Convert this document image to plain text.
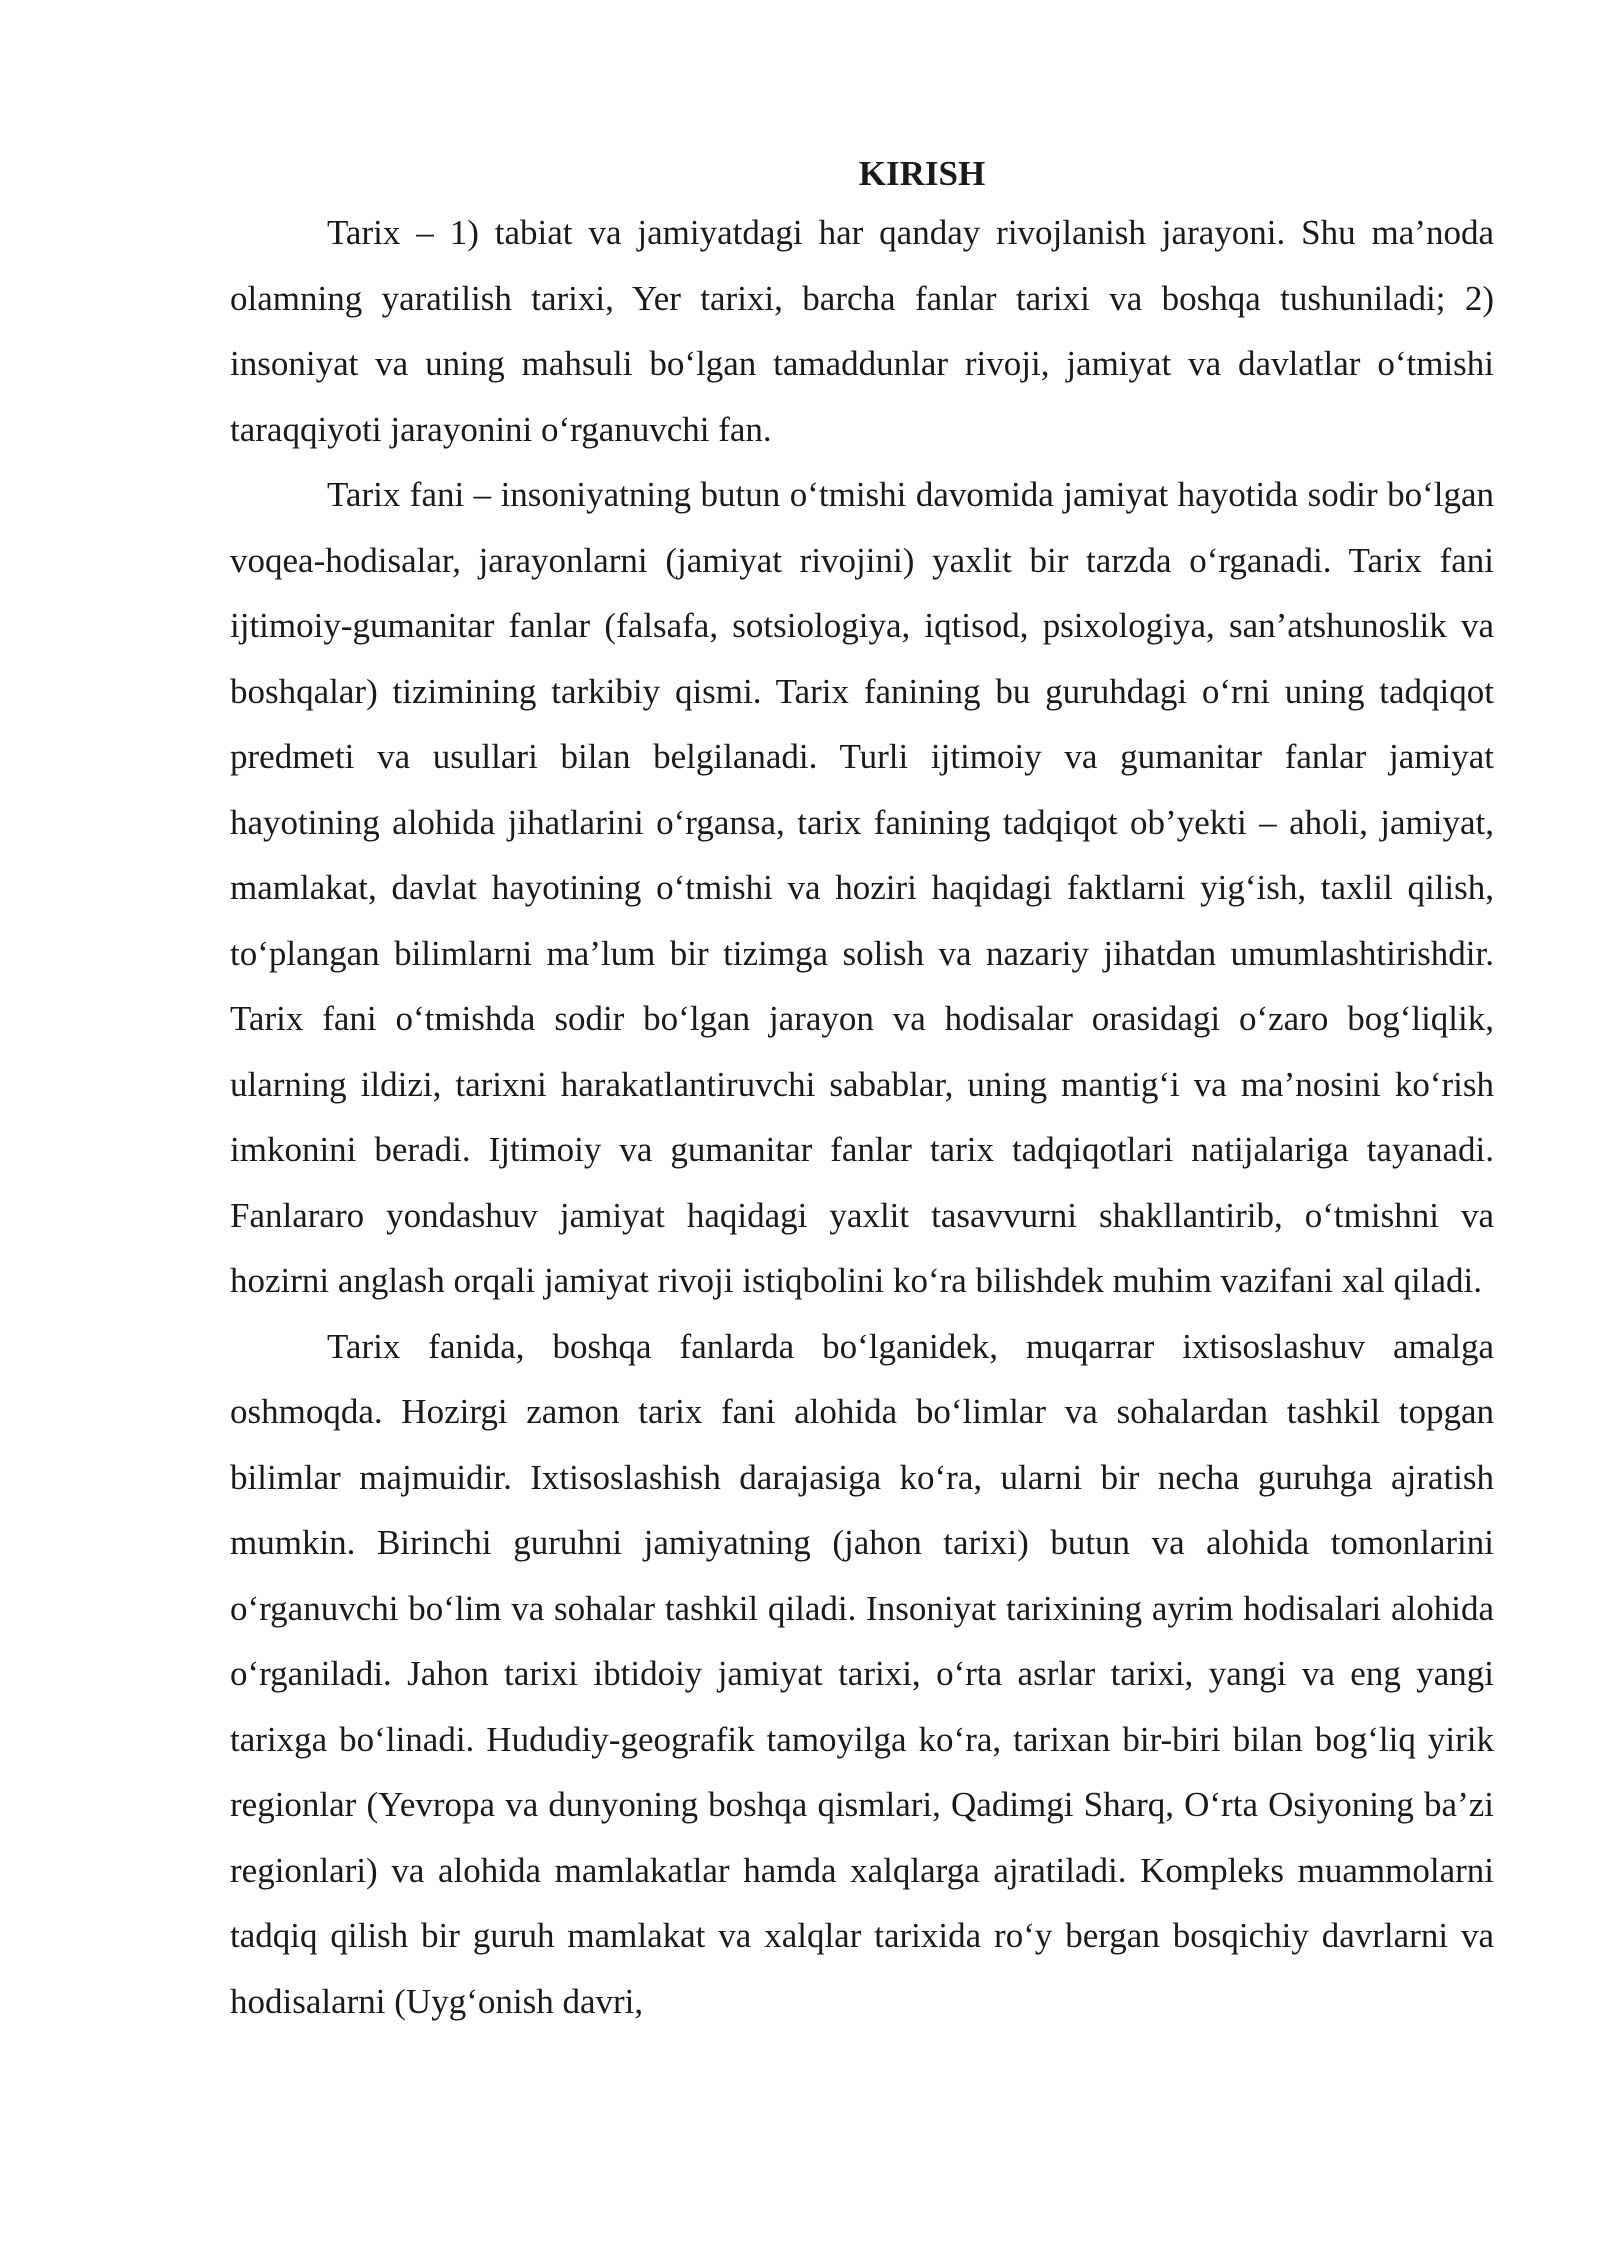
KIRISH

Tarix – 1) tabiat va jamiyatdagi har qanday rivojlanish jarayoni. Shu ma’noda olamning yaratilish tarixi, Yer tarixi, barcha fanlar tarixi va boshqa tushuniladi; 2) insoniyat va uning mahsuli bo‘lgan tamaddunlar rivoji, jamiyat va davlatlar o‘tmishi taraqqiyoti jarayonini o‘rganuvchi fan.

Tarix fani – insoniyatning butun o‘tmishi davomida jamiyat hayotida sodir bo‘lgan voqea-hodisalar, jarayonlarni (jamiyat rivojini) yaxlit bir tarzda o‘rganadi. Tarix fani ijtimoiy-gumanitar fanlar (falsafa, sotsiologiya, iqtisod, psixologiya, san’atshunoslik va boshqalar) tizimining tarkibiy qismi. Tarix fanining bu guruhdagi o‘rni uning tadqiqot predmeti va usullari bilan belgilanadi. Turli ijtimoiy va gumanitar fanlar jamiyat hayotining alohida jihatlarini o‘rgansa, tarix fanining tadqiqot ob’yekti – aholi, jamiyat, mamlakat, davlat hayotining o‘tmishi va hoziri haqidagi faktlarni yig‘ish, taxlil qilish, to‘plangan bilimlarni ma’lum bir tizimga solish va nazariy jihatdan umumlashtirishdir. Tarix fani o‘tmishda sodir bo‘lgan jarayon va hodisalar orasidagi o‘zaro bog‘liqlik, ularning ildizi, tarixni harakatlantiruvchi sabablar, uning mantig‘i va ma’nosini ko‘rish imkonini beradi. Ijtimoiy va gumanitar fanlar tarix tadqiqotlari natijalariga tayanadi. Fanlararo yondashuv jamiyat haqidagi yaxlit tasavvurni shakllantirib, o‘tmishni va hozirni anglash orqali jamiyat rivoji istiqbolini ko‘ra bilishdek muhim vazifani xal qiladi.

Tarix fanida, boshqa fanlarda bo‘lganidek, muqarrar ixtisoslashuv amalga oshmoqda. Hozirgi zamon tarix fani alohida bo‘limlar va sohalardan tashkil topgan bilimlar majmuidir. Ixtisoslashish darajasiga ko‘ra, ularni bir necha guruhga ajratish mumkin. Birinchi guruhni jamiyatning (jahon tarixi) butun va alohida tomonlarini o‘rganuvchi bo‘lim va sohalar tashkil qiladi. Insoniyat tarixining ayrim hodisalari alohida o‘rganiladi. Jahon tarixi ibtidoiy jamiyat tarixi, o‘rta asrlar tarixi, yangi va eng yangi tarixga bo‘linadi. Hududiy-geografik tamoyilga ko‘ra, tarixan bir-biri bilan bog‘liq yirik regionlar (Yevropa va dunyoning boshqa qismlari, Qadimgi Sharq, O‘rta Osiyoning ba’zi regionlari) va alohida mamlakatlar hamda xalqlarga ajratiladi. Kompleks muammolarni tadqiq qilish bir guruh mamlakat va xalqlar tarixida ro‘y bergan bosqichiy davrlarni va hodisalarni (Uyg‘onish davri,
